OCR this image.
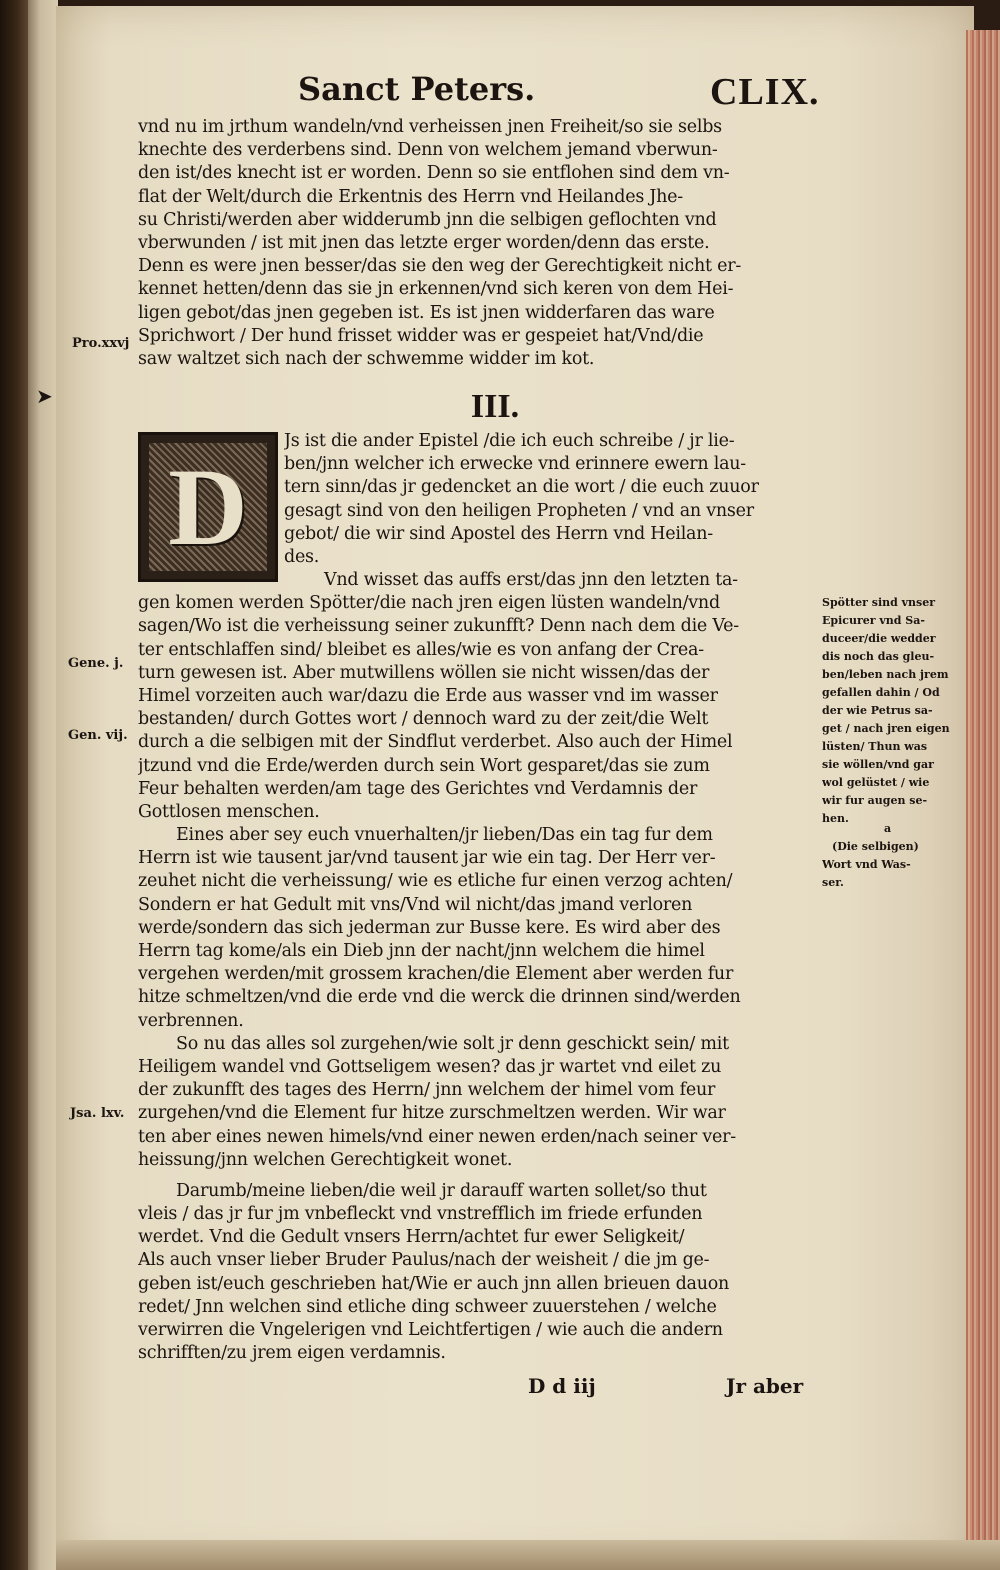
Sanct Peters.	CLIX.
➤
vnd nu im jrthum wandeln/vnd verheissen jnen Freiheit/so sie selbs
knechte des verderbens sind. Denn von welchem jemand vberwun-
den ist/des knecht ist er worden. Denn so sie entflohen sind dem vn-
flat der Welt/durch die Erkentnis des Herrn vnd Heilandes Jhe-
su Christi/werden aber widderumb jnn die selbigen geflochten vnd
vberwunden / ist mit jnen das letzte erger worden/denn das erste.
Denn es were jnen besser/das sie den weg der Gerechtigkeit nicht er-
kennet hetten/denn das sie jn erkennen/vnd sich keren von dem Hei-
ligen gebot/das jnen gegeben ist. Es ist jnen widderfaren das ware
Sprichwort / Der hund frisset widder was er gespeiet hat/Vnd/die
saw waltzet sich nach der schwemme widder im kot.
Pro.xxvj
III.
D
Js ist die ander Epistel /die ich euch schreibe / jr lie-
ben/jnn welcher ich erwecke vnd erinnere ewern lau-
tern sinn/das jr gedencket an die wort / die euch zuuor
gesagt sind von den heiligen Propheten / vnd an vnser
gebot/ die wir sind Apostel des Herrn vnd Heilan-
des.
Vnd wisset das auffs erst/das jnn den letzten ta-
gen komen werden Spötter/die nach jren eigen lüsten wandeln/vnd
sagen/Wo ist die verheissung seiner zukunfft? Denn nach dem die Ve-
ter entschlaffen sind/ bleibet es alles/wie es von anfang der Crea-
turn gewesen ist. Aber mutwillens wöllen sie nicht wissen/das der
Himel vorzeiten auch war/dazu die Erde aus wasser vnd im wasser
bestanden/ durch Gottes wort / dennoch ward zu der zeit/die Welt
durch a die selbigen mit der Sindflut verderbet. Also auch der Himel
jtzund vnd die Erde/werden durch sein Wort gesparet/das sie zum
Feur behalten werden/am tage des Gerichtes vnd Verdamnis der
Gottlosen menschen.
Eines aber sey euch vnuerhalten/jr lieben/Das ein tag fur dem
Herrn ist wie tausent jar/vnd tausent jar wie ein tag. Der Herr ver-
zeuhet nicht die verheissung/ wie es etliche fur einen verzog achten/
Sondern er hat Gedult mit vns/Vnd wil nicht/das jmand verloren
werde/sondern das sich jederman zur Busse kere. Es wird aber des
Herrn tag kome/als ein Dieb jnn der nacht/jnn welchem die himel
vergehen werden/mit grossem krachen/die Element aber werden fur
hitze schmeltzen/vnd die erde vnd die werck die drinnen sind/werden
verbrennen.
So nu das alles sol zurgehen/wie solt jr denn geschickt sein/ mit
Heiligem wandel vnd Gottseligem wesen? das jr wartet vnd eilet zu
der zukunfft des tages des Herrn/ jnn welchem der himel vom feur
zurgehen/vnd die Element fur hitze zurschmeltzen werden. Wir war
ten aber eines newen himels/vnd einer newen erden/nach seiner ver-
heissung/jnn welchen Gerechtigkeit wonet.
Darumb/meine lieben/die weil jr darauff warten sollet/so thut
vleis / das jr fur jm vnbefleckt vnd vnstrefflich im friede erfunden
werdet. Vnd die Gedult vnsers Herrn/achtet fur ewer Seligkeit/
Als auch vnser lieber Bruder Paulus/nach der weisheit / die jm ge-
geben ist/euch geschrieben hat/Wie er auch jnn allen brieuen dauon
redet/ Jnn welchen sind etliche ding schweer zuuerstehen / welche
verwirren die Vngelerigen vnd Leichtfertigen / wie auch die andern
schrifften/zu jrem eigen verdamnis.
Gene. j.
Gen. vij.
Jsa. lxv.
Spötter sind vnser
Epicurer vnd Sa-
duceer/die wedder
dis noch das gleu-
ben/leben nach jrem
gefallen dahin / Od
der wie Petrus sa-
get / nach jren eigen
lüsten/ Thun was
sie wöllen/vnd gar
wol gelüstet / wie
wir fur augen se-
hen.
a
(Die selbigen)
Wort vnd Was-
ser.
D d iij	Jr aber
